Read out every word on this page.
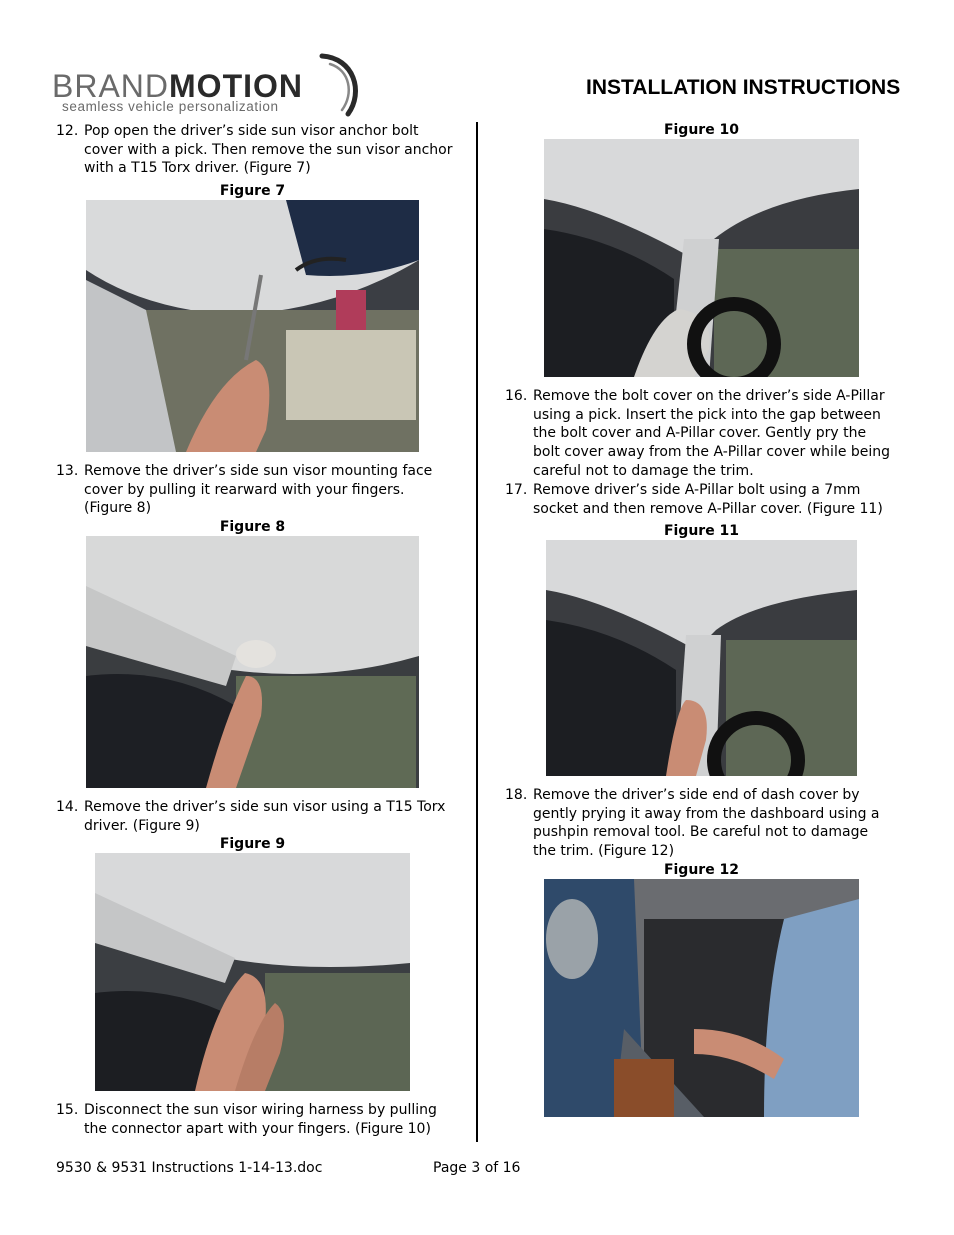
BRANDMOTION
seamless vehicle personalization
INSTALLATION INSTRUCTIONS
12. Pop open the driver’s side sun visor anchor bolt cover with a pick. Then remove the sun visor anchor with a T15 Torx driver. (Figure 7)
Figure 7
13. Remove the driver’s side sun visor mounting face cover by pulling it rearward with your fingers. (Figure 8)
Figure 8
14. Remove the driver’s side sun visor using a T15 Torx driver. (Figure 9)
Figure 9
15. Disconnect the sun visor wiring harness by pulling the connector apart with your fingers. (Figure 10)
Figure 10
16. Remove the bolt cover on the driver’s side A-Pillar using a pick. Insert the pick into the gap between the bolt cover and A-Pillar cover. Gently pry the bolt cover away from the A-Pillar cover while being careful not to damage the trim.
17. Remove driver’s side A-Pillar bolt using a 7mm socket and then remove A-Pillar cover. (Figure 11)
Figure 11
18. Remove the driver’s side end of dash cover by gently prying it away from the dashboard using a pushpin removal tool. Be careful not to damage the trim. (Figure 12)
Figure 12
9530 & 9531 Instructions 1-14-13.doc	Page 3 of 16
